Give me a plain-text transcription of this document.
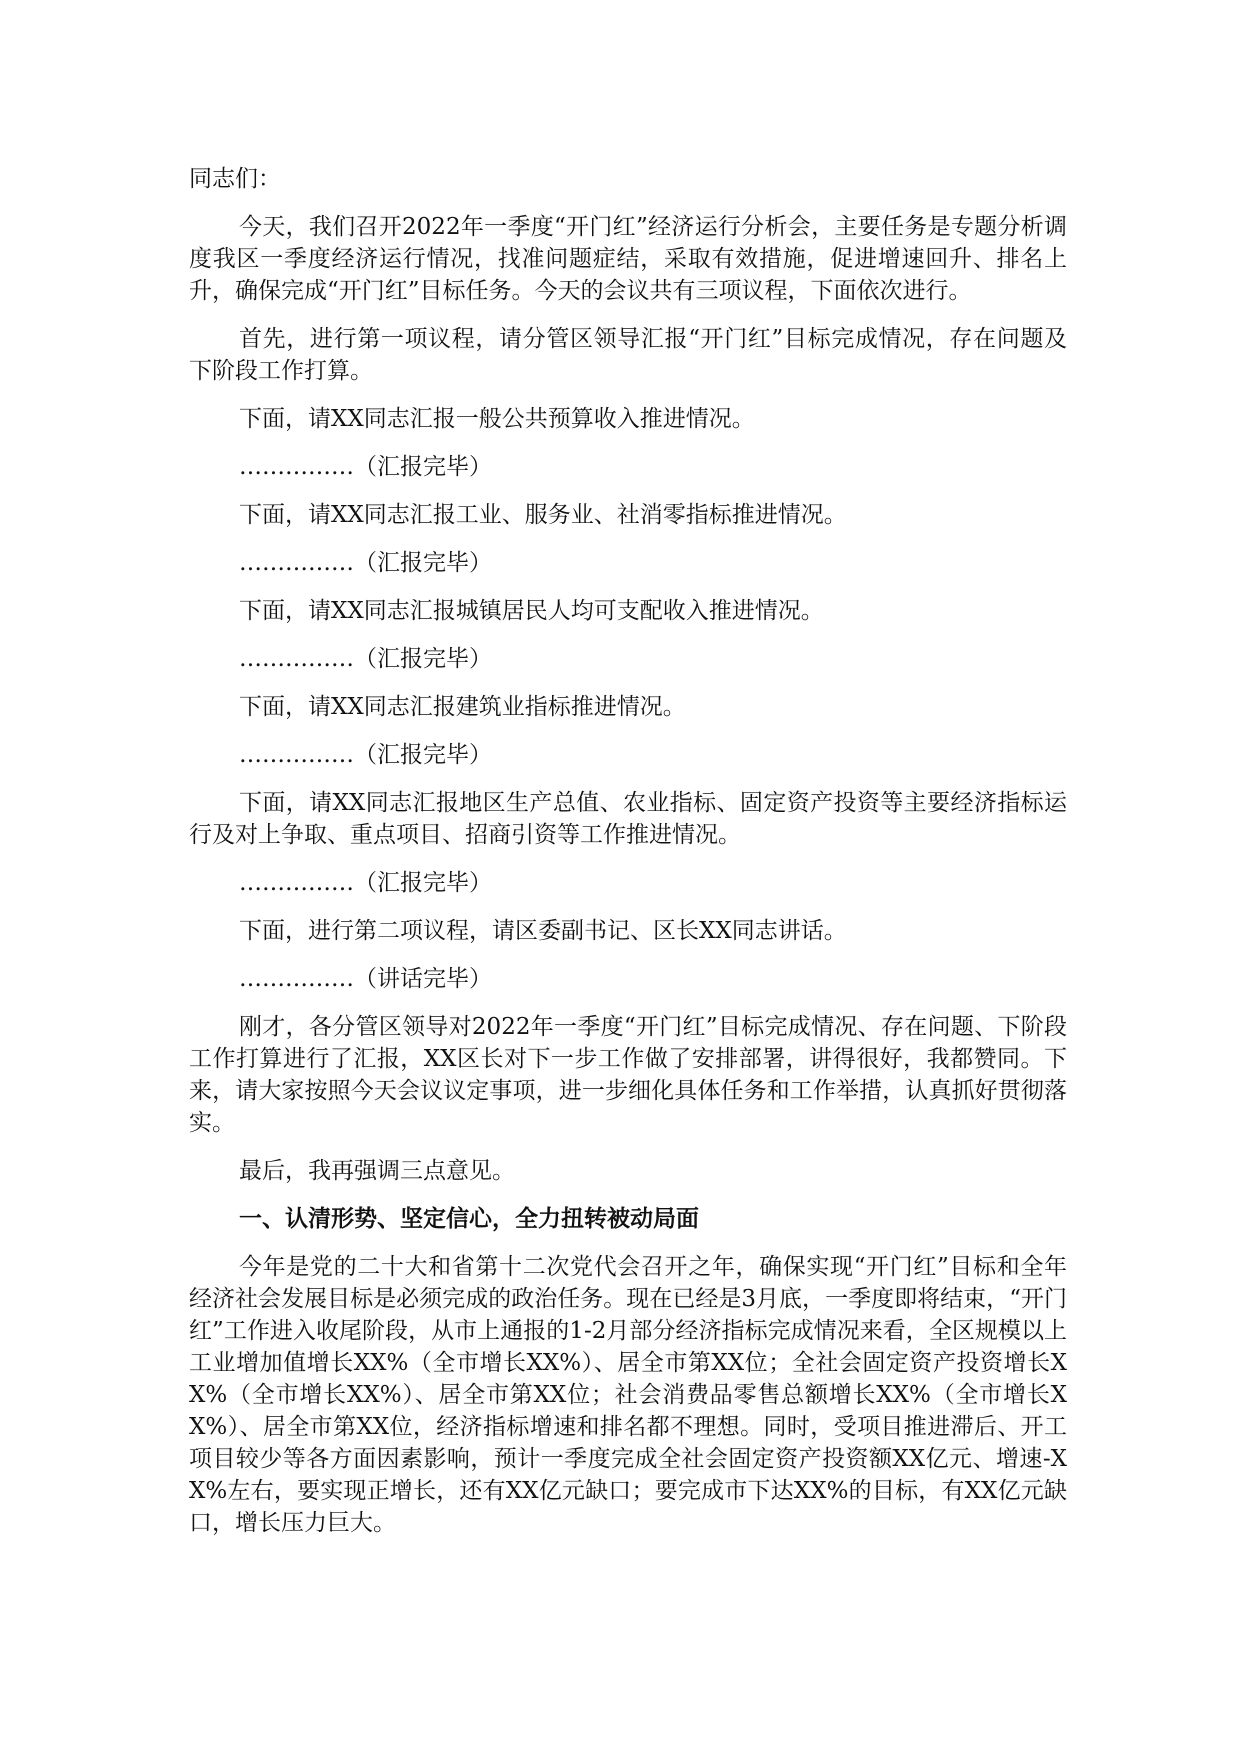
同志们：

今天，我们召开2022年一季度“开门红”经济运行分析会，主要任务是专题分析调度我区一季度经济运行情况，找准问题症结，采取有效措施，促进增速回升、排名上升，确保完成“开门红”目标任务。今天的会议共有三项议程，下面依次进行。

首先，进行第一项议程，请分管区领导汇报“开门红”目标完成情况，存在问题及下阶段工作打算。

下面，请XX同志汇报一般公共预算收入推进情况。

……………（汇报完毕）

下面，请XX同志汇报工业、服务业、社消零指标推进情况。

……………（汇报完毕）

下面，请XX同志汇报城镇居民人均可支配收入推进情况。

……………（汇报完毕）

下面，请XX同志汇报建筑业指标推进情况。

……………（汇报完毕）

下面，请XX同志汇报地区生产总值、农业指标、固定资产投资等主要经济指标运行及对上争取、重点项目、招商引资等工作推进情况。

……………（汇报完毕）

下面，进行第二项议程，请区委副书记、区长XX同志讲话。

……………（讲话完毕）

刚才，各分管区领导对2022年一季度“开门红”目标完成情况、存在问题、下阶段工作打算进行了汇报，XX区长对下一步工作做了安排部署，讲得很好，我都赞同。下来，请大家按照今天会议议定事项，进一步细化具体任务和工作举措，认真抓好贯彻落实。

最后，我再强调三点意见。

一、认清形势、坚定信心，全力扭转被动局面

今年是党的二十大和省第十二次党代会召开之年，确保实现“开门红”目标和全年经济社会发展目标是必须完成的政治任务。现在已经是3月底，一季度即将结束，“开门红”工作进入收尾阶段，从市上通报的1-2月部分经济指标完成情况来看，全区规模以上工业增加值增长XX%（全市增长XX%）、居全市第XX位；全社会固定资产投资增长XX%（全市增长XX%）、居全市第XX位；社会消费品零售总额增长XX%（全市增长XX%）、居全市第XX位，经济指标增速和排名都不理想。同时，受项目推进滞后、开工项目较少等各方面因素影响，预计一季度完成全社会固定资产投资额XX亿元、增速-XX%左右，要实现正增长，还有XX亿元缺口；要完成市下达XX%的目标，有XX亿元缺口，增长压力巨大。
